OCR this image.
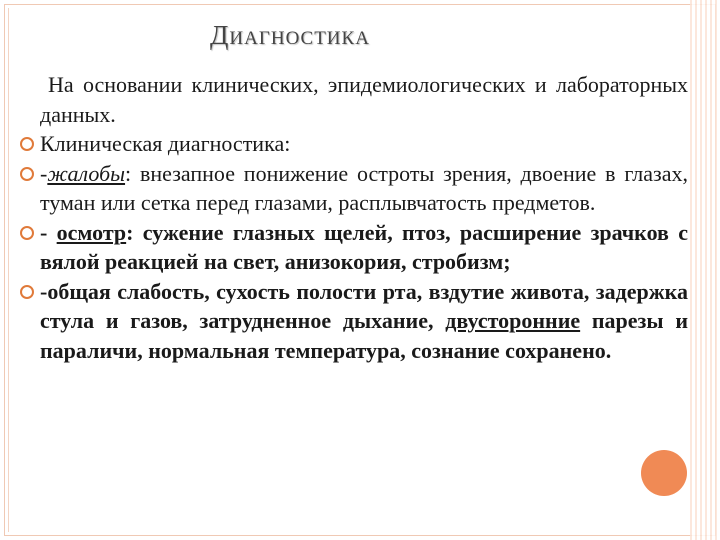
Диагностика

На основании клинических, эпидемиологических и лабораторных данных.

Клиническая диагностика:

-жалобы: внезапное понижение остроты зрения, двоение в глазах, туман или сетка перед глазами, расплывчатость предметов.

- осмотр: сужение глазных щелей, птоз, расширение зрачков с вялой реакцией на свет, анизокория, стробизм;

-общая слабость, сухость полости рта, вздутие живота, задержка стула и газов, затрудненное дыхание, двусторонние парезы и параличи, нормальная температура, сознание сохранено.
